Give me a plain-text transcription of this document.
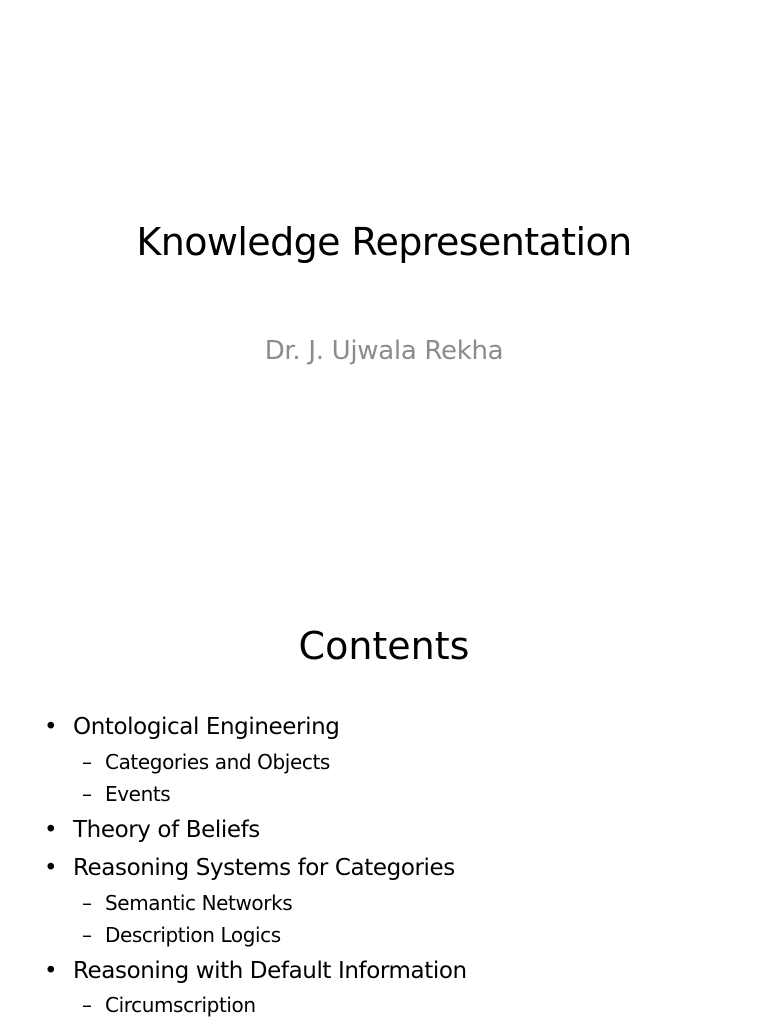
Knowledge Representation
Dr. J. Ujwala Rekha
Contents
• Ontological Engineering
– Categories and Objects
– Events
• Theory of Beliefs
• Reasoning Systems for Categories
– Semantic Networks
– Description Logics
• Reasoning with Default Information
– Circumscription
